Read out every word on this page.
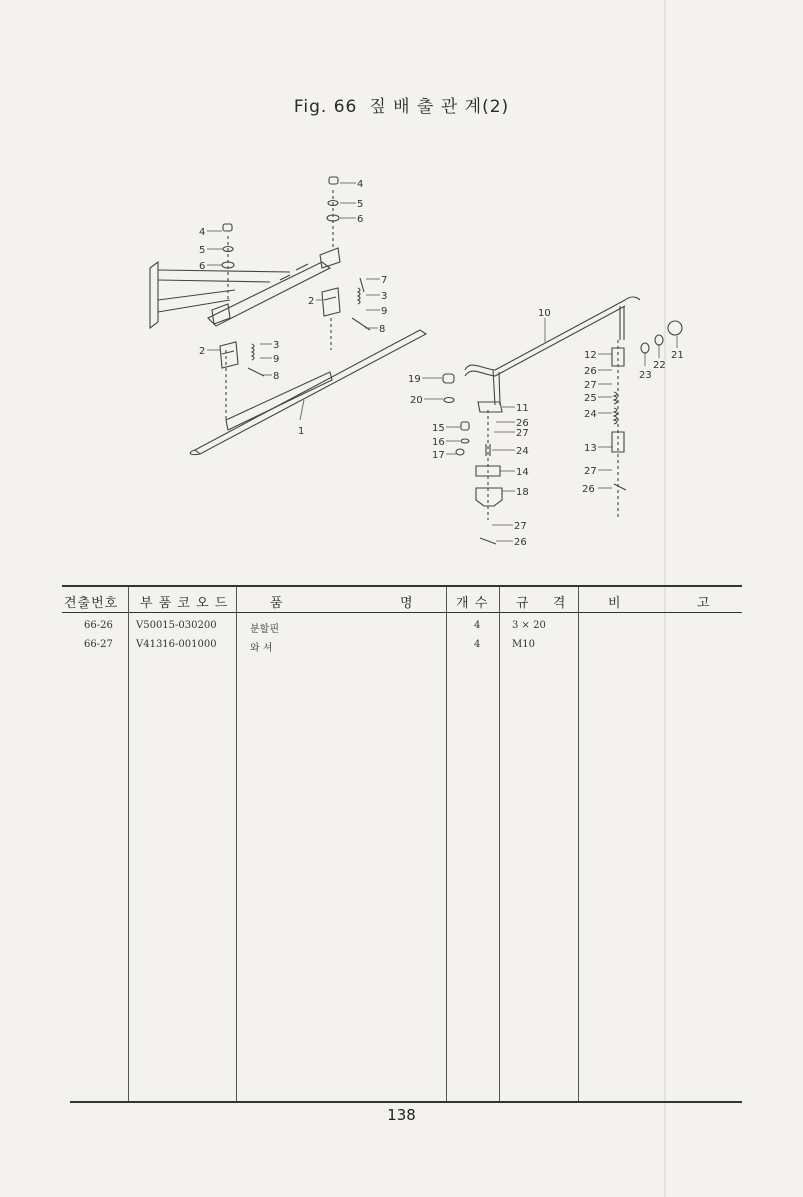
Fig. 66 짚 배 출 관 계(2)
4
5
6
4
5
6
7
3
9
2
8
2
3
9
8
1
10
21
22
23
12
26
27
25
24
13
27
26
19
20
11
26
27
15
16
17	24
14
18
27
26
견출번호 부 품 코 오 드	품	명	개 수 규 격	비	고
66-26 V50015-030200	분할핀	4	3 × 20
66-27 V41316-001000	와 셔	4	M10
138
